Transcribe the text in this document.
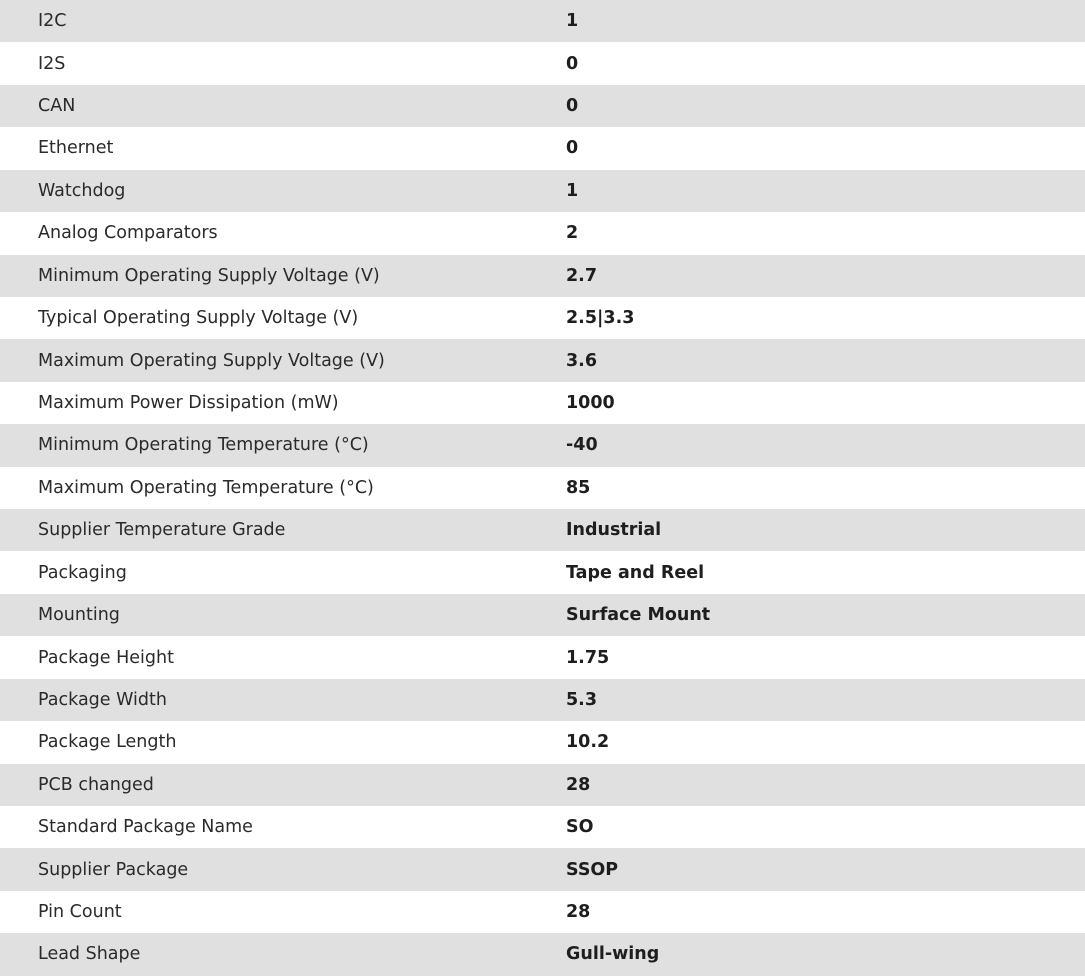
I2C	1
I2S	0
CAN	0
Ethernet	0
Watchdog	1
Analog Comparators	2
Minimum Operating Supply Voltage (V)	2.7
Typical Operating Supply Voltage (V)	2.5|3.3
Maximum Operating Supply Voltage (V)	3.6
Maximum Power Dissipation (mW)	1000
Minimum Operating Temperature (°C)	-40
Maximum Operating Temperature (°C)	85
Supplier Temperature Grade	Industrial
Packaging	Tape and Reel
Mounting	Surface Mount
Package Height	1.75
Package Width	5.3
Package Length	10.2
PCB changed	28
Standard Package Name	SO
Supplier Package	SSOP
Pin Count	28
Lead Shape	Gull-wing
